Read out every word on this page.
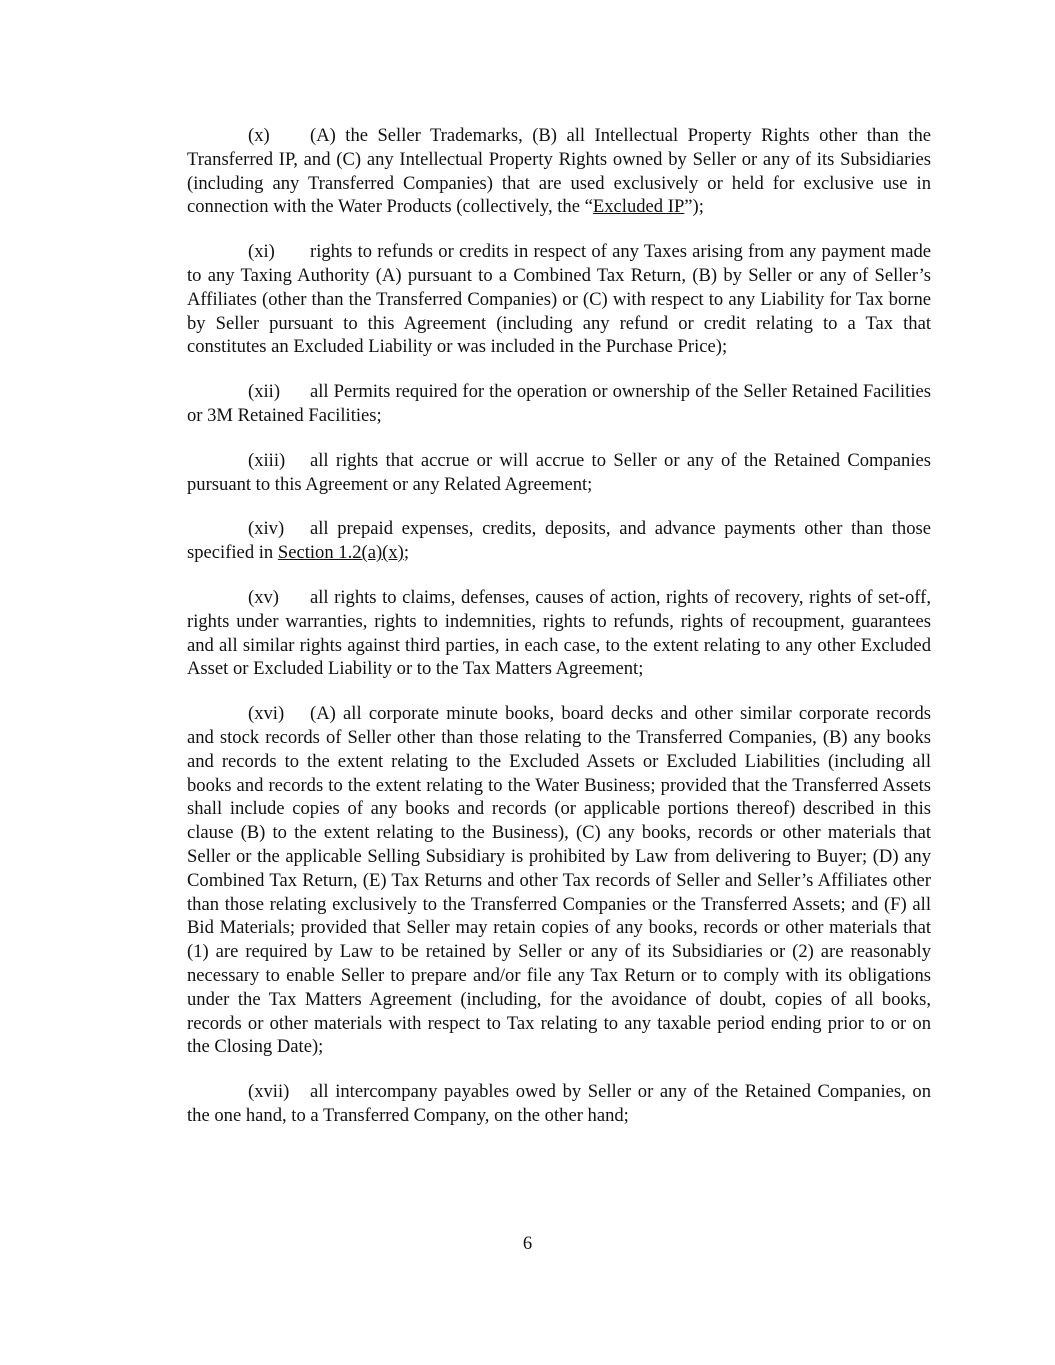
(x) (A) the Seller Trademarks, (B) all Intellectual Property Rights other than the Transferred IP, and (C) any Intellectual Property Rights owned by Seller or any of its Subsidiaries (including any Transferred Companies) that are used exclusively or held for exclusive use in connection with the Water Products (collectively, the “Excluded IP”);

(xi) rights to refunds or credits in respect of any Taxes arising from any payment made to any Taxing Authority (A) pursuant to a Combined Tax Return, (B) by Seller or any of Seller’s Affiliates (other than the Transferred Companies) or (C) with respect to any Liability for Tax borne by Seller pursuant to this Agreement (including any refund or credit relating to a Tax that constitutes an Excluded Liability or was included in the Purchase Price);

(xii) all Permits required for the operation or ownership of the Seller Retained Facilities or 3M Retained Facilities;

(xiii) all rights that accrue or will accrue to Seller or any of the Retained Companies pursuant to this Agreement or any Related Agreement;

(xiv) all prepaid expenses, credits, deposits, and advance payments other than those specified in Section 1.2(a)(x);

(xv) all rights to claims, defenses, causes of action, rights of recovery, rights of set-off, rights under warranties, rights to indemnities, rights to refunds, rights of recoupment, guarantees and all similar rights against third parties, in each case, to the extent relating to any other Excluded Asset or Excluded Liability or to the Tax Matters Agreement;

(xvi) (A) all corporate minute books, board decks and other similar corporate records and stock records of Seller other than those relating to the Transferred Companies, (B) any books and records to the extent relating to the Excluded Assets or Excluded Liabilities (including all books and records to the extent relating to the Water Business; provided that the Transferred Assets shall include copies of any books and records (or applicable portions thereof) described in this clause (B) to the extent relating to the Business), (C) any books, records or other materials that Seller or the applicable Selling Subsidiary is prohibited by Law from delivering to Buyer; (D) any Combined Tax Return, (E) Tax Returns and other Tax records of Seller and Seller’s Affiliates other than those relating exclusively to the Transferred Companies or the Transferred Assets; and (F) all Bid Materials; provided that Seller may retain copies of any books, records or other materials that (1) are required by Law to be retained by Seller or any of its Subsidiaries or (2) are reasonably necessary to enable Seller to prepare and/or file any Tax Return or to comply with its obligations under the Tax Matters Agreement (including, for the avoidance of doubt, copies of all books, records or other materials with respect to Tax relating to any taxable period ending prior to or on the Closing Date);

(xvii) all intercompany payables owed by Seller or any of the Retained Companies, on the one hand, to a Transferred Company, on the other hand;

6
